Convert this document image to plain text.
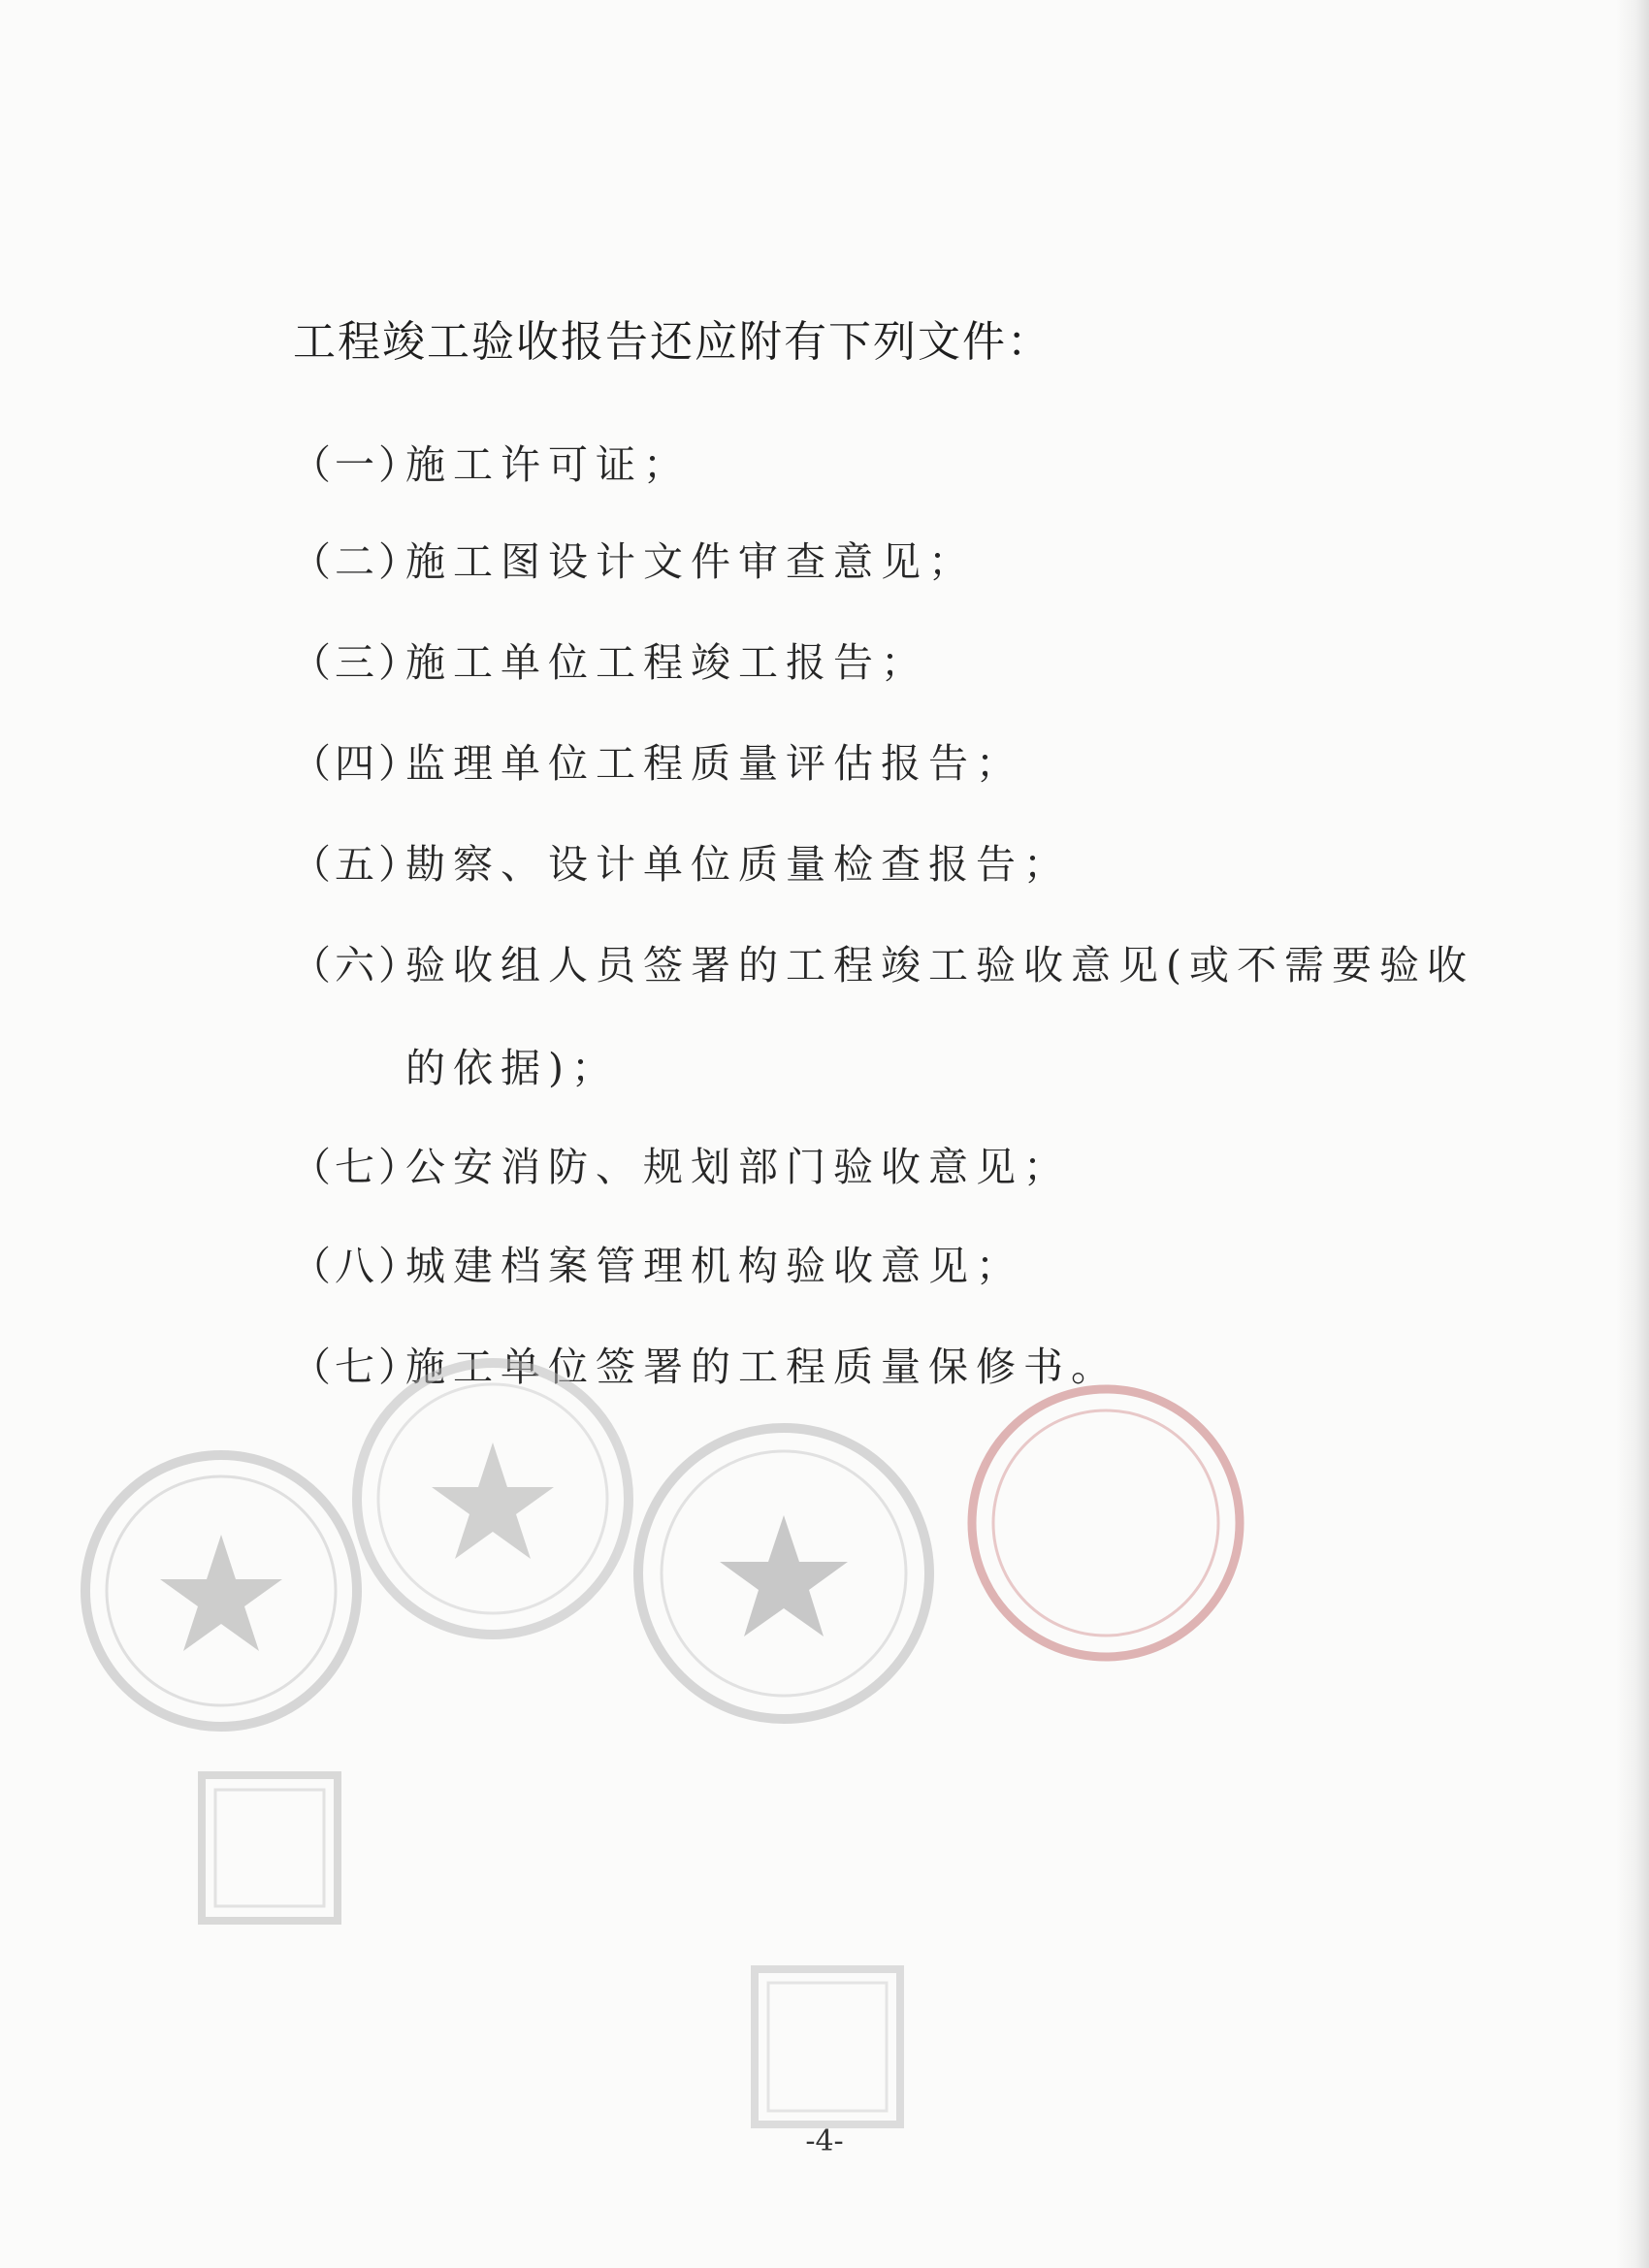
工程竣工验收报告还应附有下列文件：
（一）施工许可证；
（二）施工图设计文件审查意见；
（三）施工单位工程竣工报告；
（四）监理单位工程质量评估报告；
（五）勘察、设计单位质量检查报告；
（六）验收组人员签署的工程竣工验收意见(或不需要验收
的依据)；
（七）公安消防、规划部门验收意见；
（八）城建档案管理机构验收意见；
（七）施工单位签署的工程质量保修书。
-4-
